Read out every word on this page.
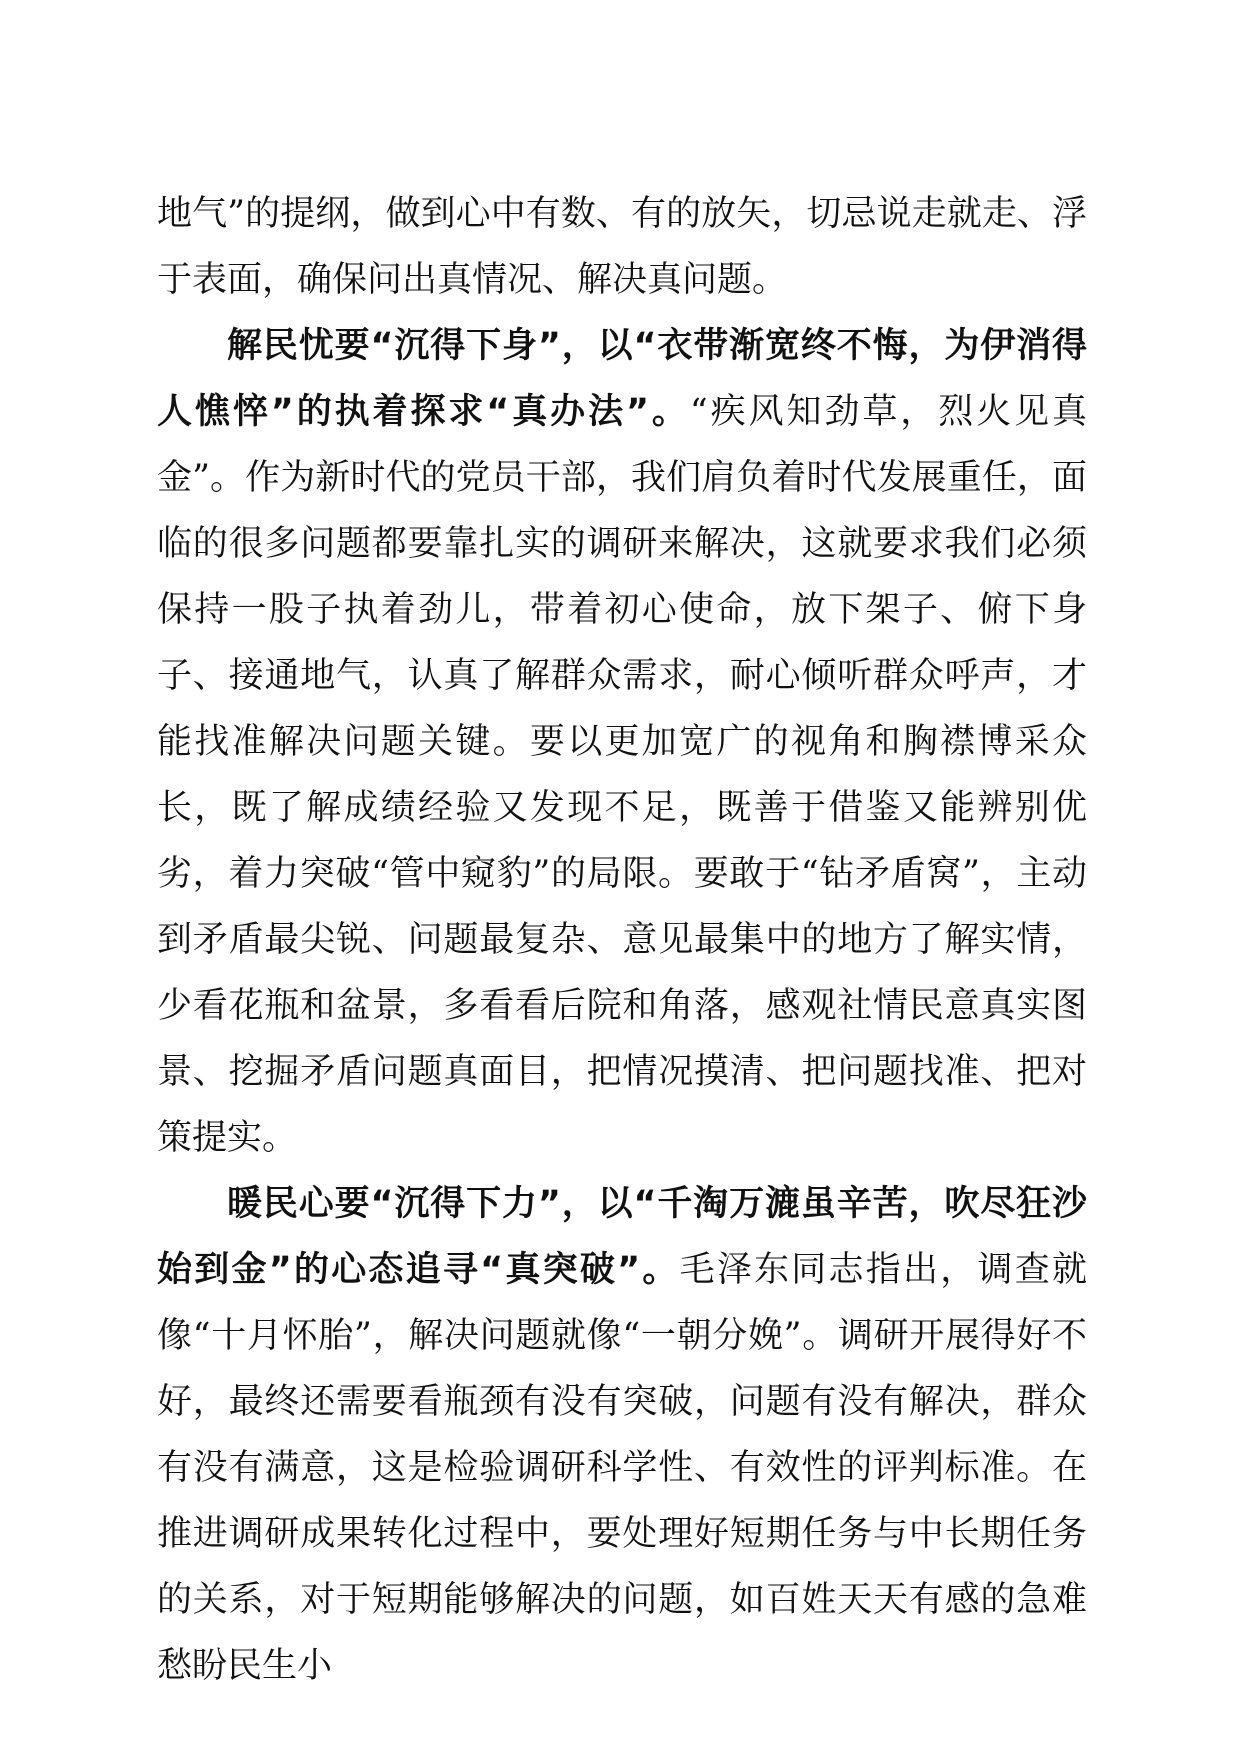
地气”的提纲，做到心中有数、有的放矢，切忌说走就走、浮于表面，确保问出真情况、解决真问题。

解民忧要“沉得下身”，以“衣带渐宽终不悔，为伊消得人憔悴”的执着探求“真办法”。“疾风知劲草，烈火见真金”。作为新时代的党员干部，我们肩负着时代发展重任，面临的很多问题都要靠扎实的调研来解决，这就要求我们必须保持一股子执着劲儿，带着初心使命，放下架子、俯下身子、接通地气，认真了解群众需求，耐心倾听群众呼声，才能找准解决问题关键。要以更加宽广的视角和胸襟博采众长，既了解成绩经验又发现不足，既善于借鉴又能辨别优劣，着力突破“管中窥豹”的局限。要敢于“钻矛盾窝”，主动到矛盾最尖锐、问题最复杂、意见最集中的地方了解实情，少看花瓶和盆景，多看看后院和角落，感观社情民意真实图景、挖掘矛盾问题真面目，把情况摸清、把问题找准、把对策提实。

暖民心要“沉得下力”，以“千淘万漉虽辛苦，吹尽狂沙始到金”的心态追寻“真突破”。毛泽东同志指出，调查就像“十月怀胎”，解决问题就像“一朝分娩”。调研开展得好不好，最终还需要看瓶颈有没有突破，问题有没有解决，群众有没有满意，这是检验调研科学性、有效性的评判标准。在推进调研成果转化过程中，要处理好短期任务与中长期任务的关系，对于短期能够解决的问题，如百姓天天有感的急难愁盼民生小
